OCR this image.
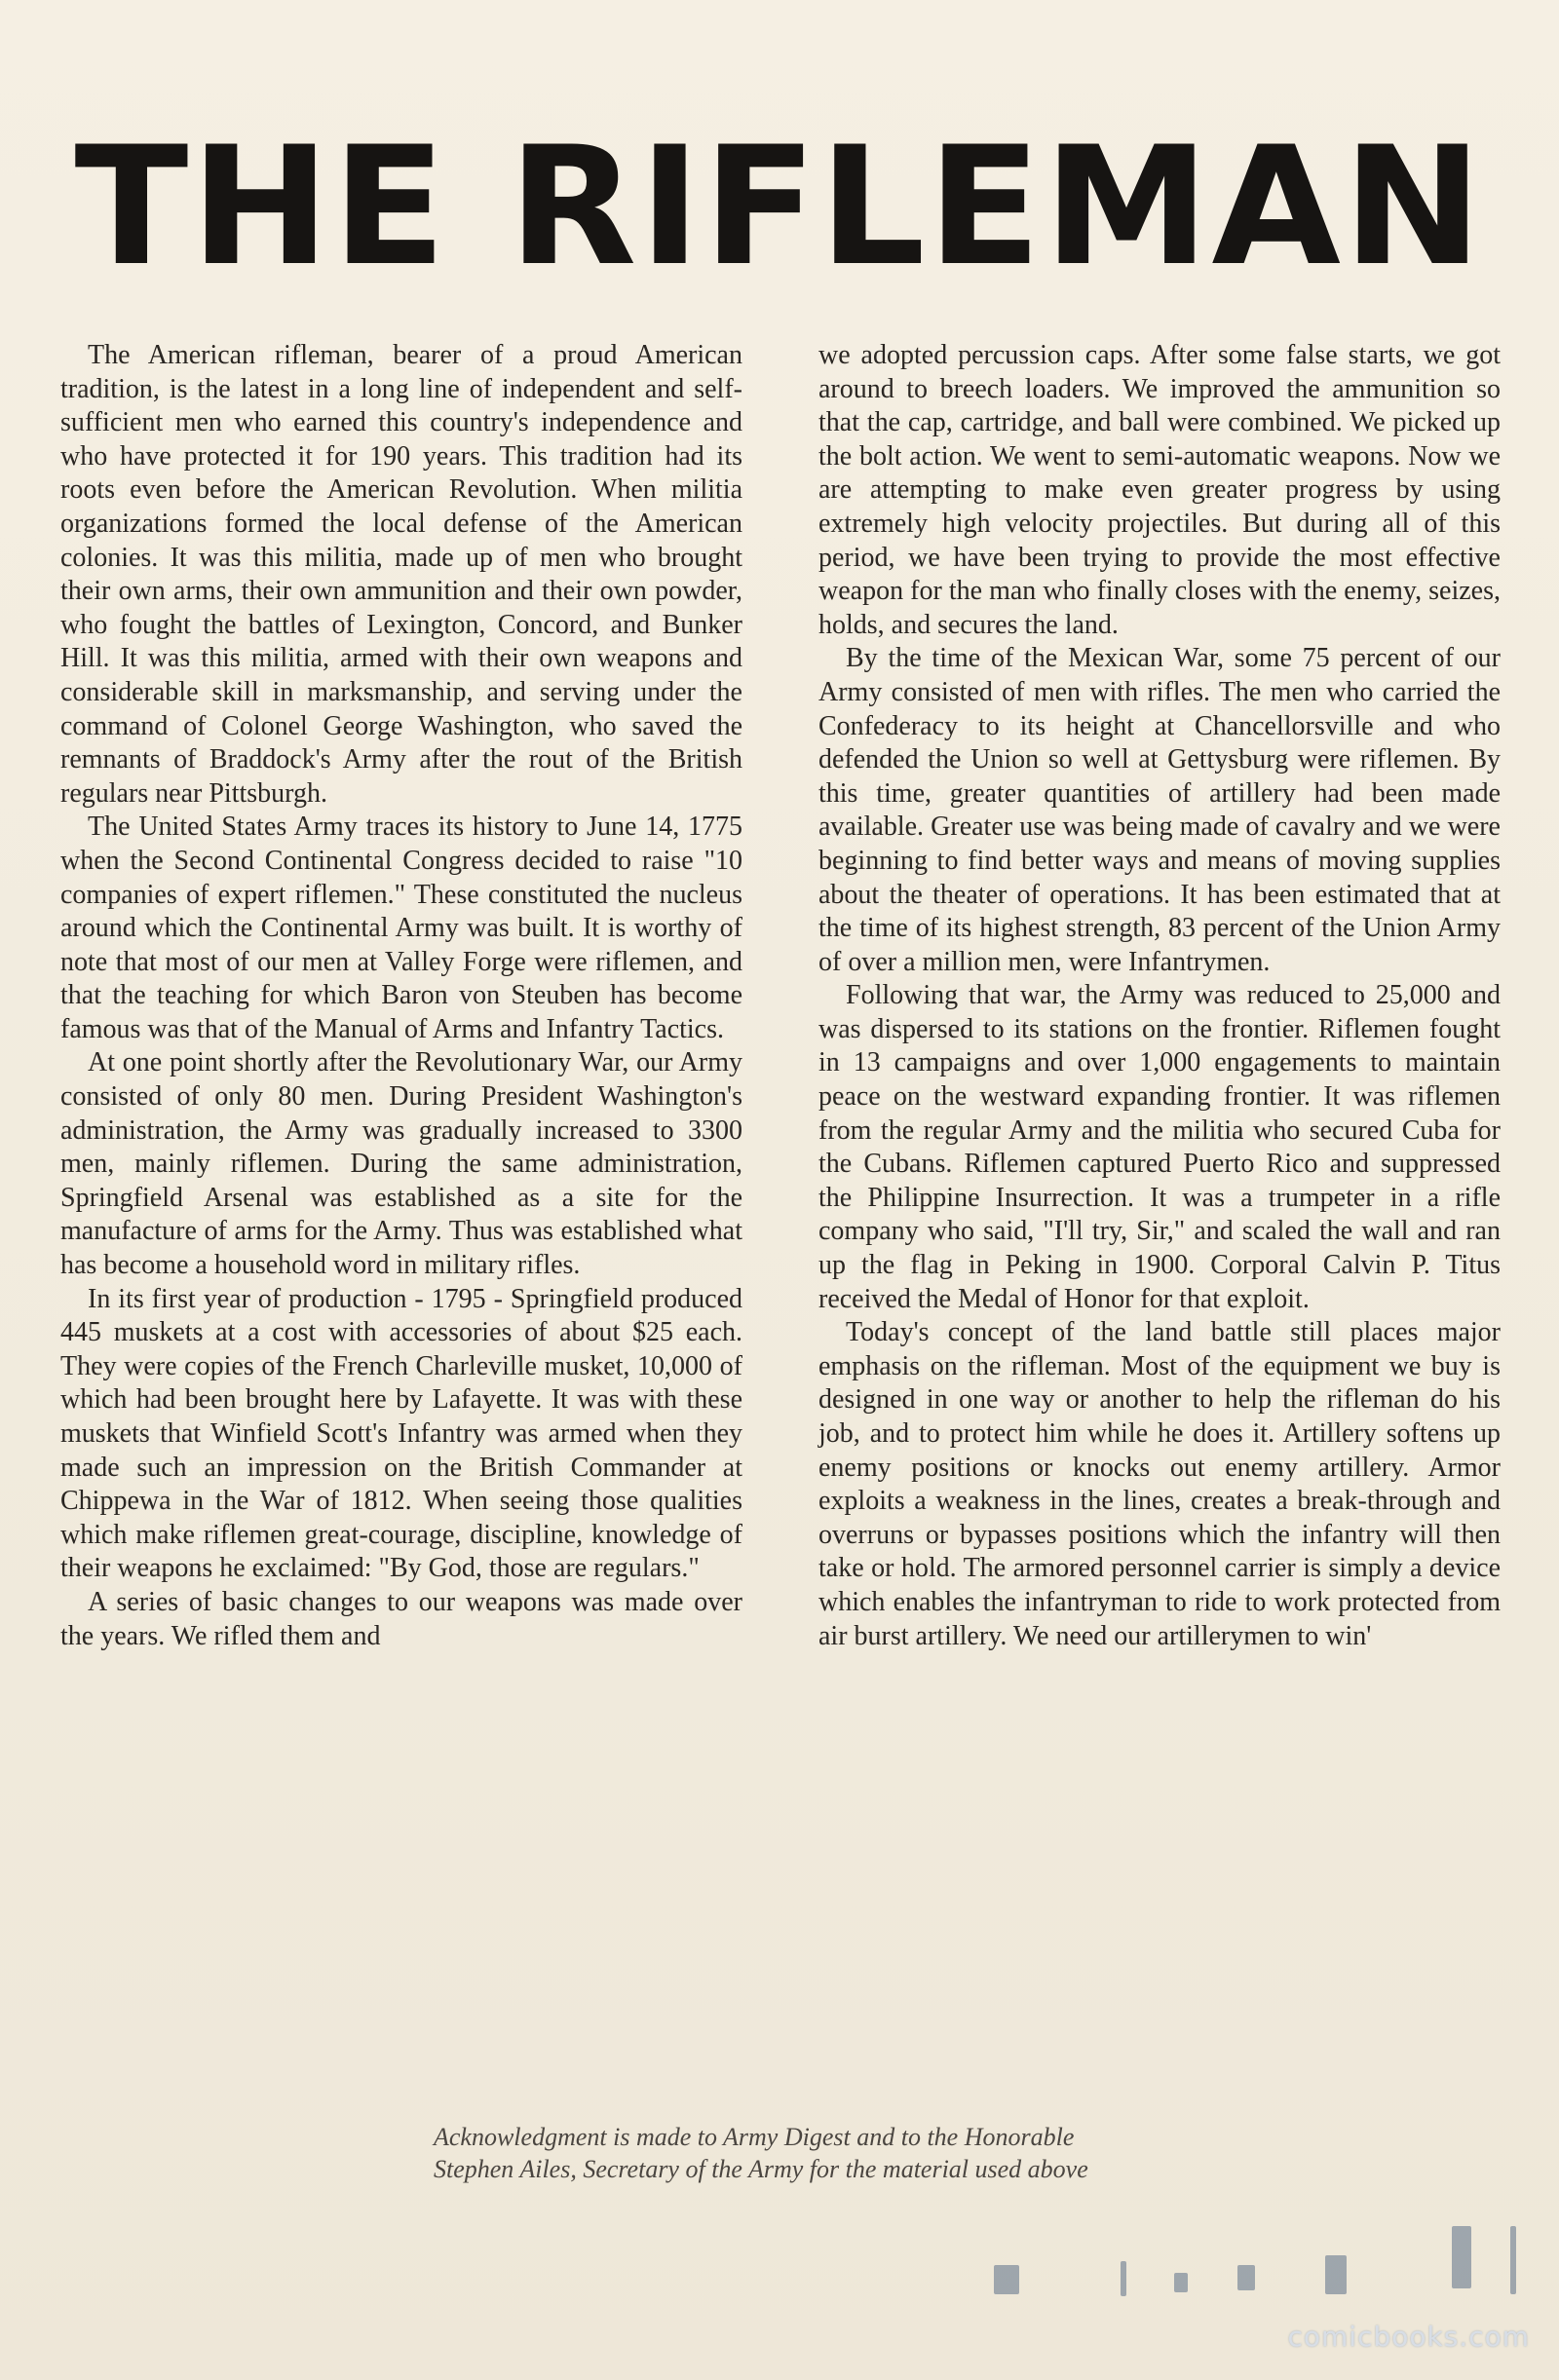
THE RIFLEMAN

The American rifleman, bearer of a proud American tradition, is the latest in a long line of independent and self-sufficient men who earned this country's independence and who have protected it for 190 years. This tradition had its roots even before the American Revolution. When militia organizations formed the local defense of the American colonies. It was this militia, made up of men who brought their own arms, their own ammunition and their own powder, who fought the battles of Lexington, Concord, and Bunker Hill. It was this militia, armed with their own weapons and considerable skill in marksmanship, and serving under the command of Colonel George Washington, who saved the remnants of Braddock's Army after the rout of the British regulars near Pittsburgh.

The United States Army traces its history to June 14, 1775 when the Second Continental Congress decided to raise "10 companies of expert riflemen." These constituted the nucleus around which the Continental Army was built. It is worthy of note that most of our men at Valley Forge were riflemen, and that the teaching for which Baron von Steuben has become famous was that of the Manual of Arms and Infantry Tactics.

At one point shortly after the Revolutionary War, our Army consisted of only 80 men. During President Washington's administration, the Army was gradually increased to 3300 men, mainly riflemen. During the same administration, Springfield Arsenal was established as a site for the manufacture of arms for the Army. Thus was established what has become a household word in military rifles.

In its first year of production - 1795 - Springfield produced 445 muskets at a cost with accessories of about $25 each. They were copies of the French Charleville musket, 10,000 of which had been brought here by Lafayette. It was with these muskets that Winfield Scott's Infantry was armed when they made such an impression on the British Commander at Chippewa in the War of 1812. When seeing those qualities which make riflemen great-courage, discipline, knowledge of their weapons he exclaimed: "By God, those are regulars."

A series of basic changes to our weapons was made over the years. We rifled them and

we adopted percussion caps. After some false starts, we got around to breech loaders. We improved the ammunition so that the cap, cartridge, and ball were combined. We picked up the bolt action. We went to semi-automatic weapons. Now we are attempting to make even greater progress by using extremely high velocity projectiles. But during all of this period, we have been trying to provide the most effective weapon for the man who finally closes with the enemy, seizes, holds, and secures the land.

By the time of the Mexican War, some 75 percent of our Army consisted of men with rifles. The men who carried the Confederacy to its height at Chancellorsville and who defended the Union so well at Gettysburg were riflemen. By this time, greater quantities of artillery had been made available. Greater use was being made of cavalry and we were beginning to find better ways and means of moving supplies about the theater of operations. It has been estimated that at the time of its highest strength, 83 percent of the Union Army of over a million men, were Infantrymen.

Following that war, the Army was reduced to 25,000 and was dispersed to its stations on the frontier. Riflemen fought in 13 campaigns and over 1,000 engagements to maintain peace on the westward expanding frontier. It was riflemen from the regular Army and the militia who secured Cuba for the Cubans. Riflemen captured Puerto Rico and suppressed the Philippine Insurrection. It was a trumpeter in a rifle company who said, "I'll try, Sir," and scaled the wall and ran up the flag in Peking in 1900. Corporal Calvin P. Titus received the Medal of Honor for that exploit.

Today's concept of the land battle still places major emphasis on the rifleman. Most of the equipment we buy is designed in one way or another to help the rifleman do his job, and to protect him while he does it. Artillery softens up enemy positions or knocks out enemy artillery. Armor exploits a weakness in the lines, creates a break-through and overruns or bypasses positions which the infantry will then take or hold. The armored personnel carrier is simply a device which enables the infantryman to ride to work protected from air burst artillery. We need our artillerymen to win'

Acknowledgment is made to Army Digest and to the Honorable Stephen Ailes, Secretary of the Army for the material used above
comicbooks.com
